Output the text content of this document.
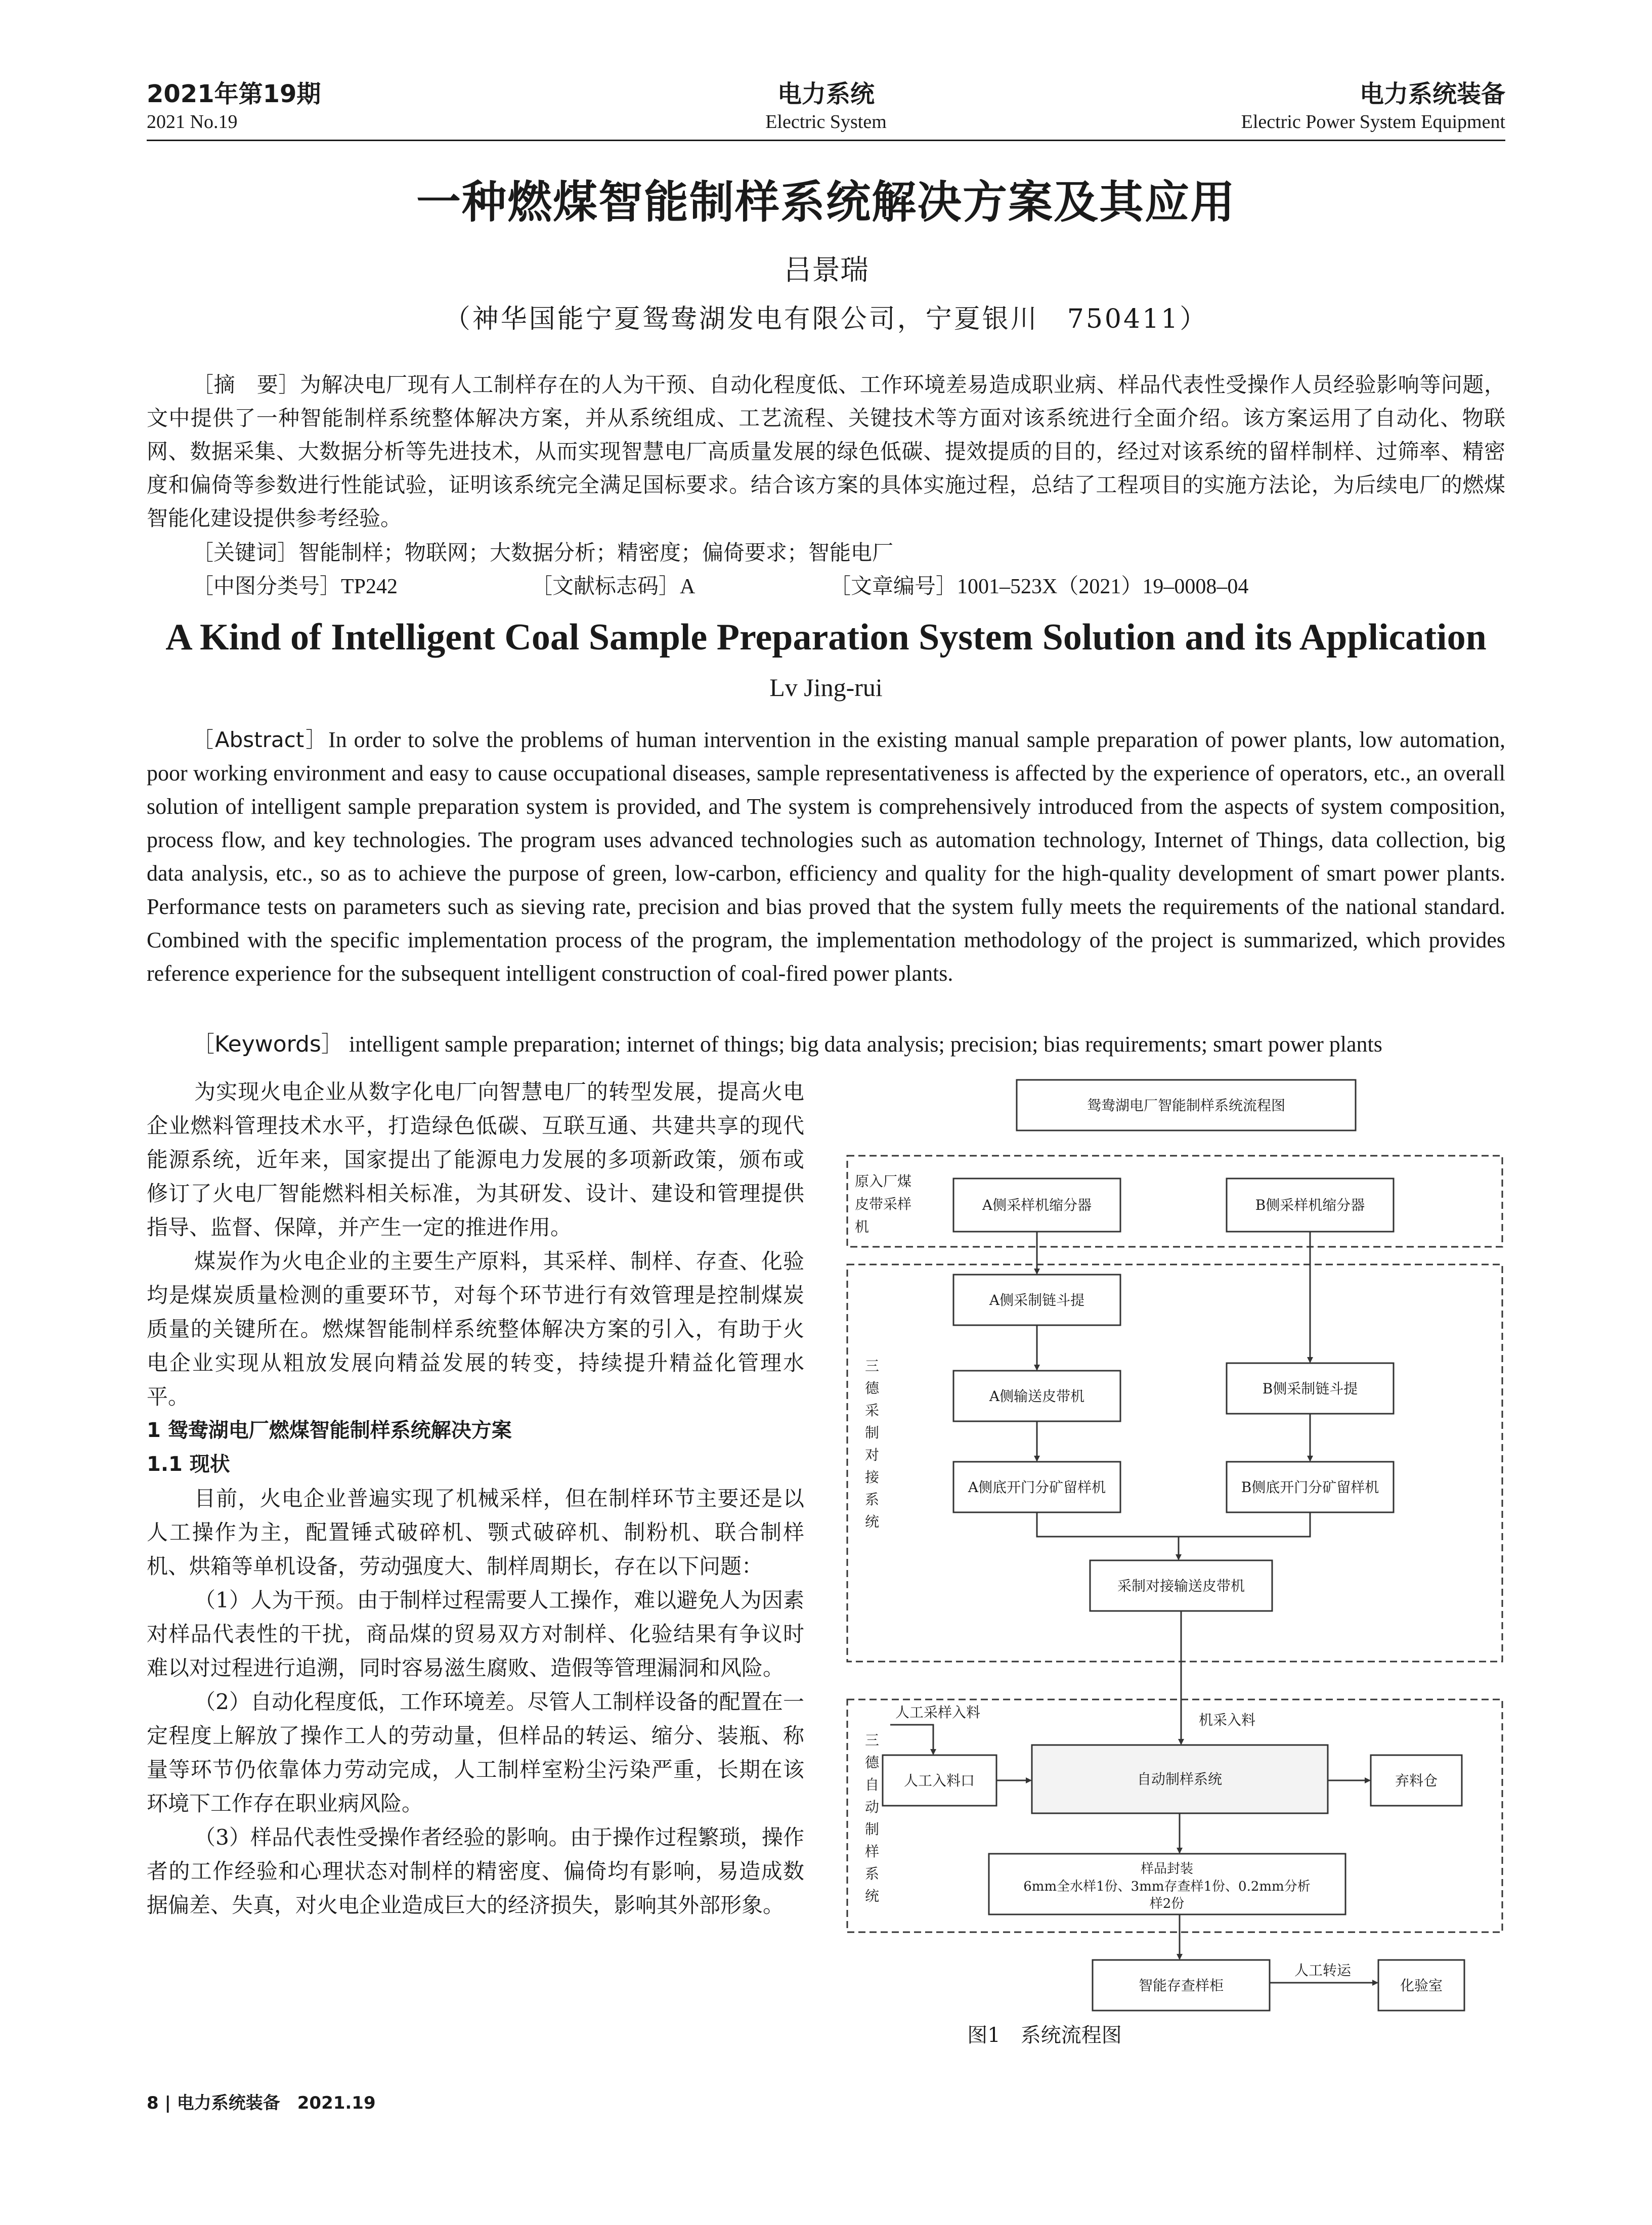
2021年第19期
2021 No.19
电力系统
Electric System
电力系统装备
Electric Power System Equipment
一种燃煤智能制样系统解决方案及其应用
吕景瑞
（神华国能宁夏鸳鸯湖发电有限公司，宁夏银川　750411）
［摘　要］为解决电厂现有人工制样存在的人为干预、自动化程度低、工作环境差易造成职业病、样品代表性受操作人员经验影响等问题，文中提供了一种智能制样系统整体解决方案，并从系统组成、工艺流程、关键技术等方面对该系统进行全面介绍。该方案运用了自动化、物联网、数据采集、大数据分析等先进技术，从而实现智慧电厂高质量发展的绿色低碳、提效提质的目的，经过对该系统的留样制样、过筛率、精密度和偏倚等参数进行性能试验，证明该系统完全满足国标要求。结合该方案的具体实施过程，总结了工程项目的实施方法论，为后续电厂的燃煤智能化建设提供参考经验。
［关键词］智能制样；物联网；大数据分析；精密度；偏倚要求；智能电厂
［中图分类号］TP242	［文献标志码］A	［文章编号］1001–523X（2021）19–0008–04
A Kind of Intelligent Coal Sample Preparation System Solution and its Application
Lv Jing-rui
［Abstract］In order to solve the problems of human intervention in the existing manual sample preparation of power plants, low automation, poor working environment and easy to cause occupational diseases, sample representativeness is affected by the experience of operators, etc., an overall solution of intelligent sample preparation system is provided, and The system is comprehensively introduced from the aspects of system composition, process flow, and key technologies. The program uses advanced technologies such as automation technology, Internet of Things, data collection, big data analysis, etc., so as to achieve the purpose of green, low-carbon, efficiency and quality for the high-quality development of smart power plants. Performance tests on parameters such as sieving rate, precision and bias proved that the system fully meets the requirements of the national standard. Combined with the specific implementation process of the program, the implementation methodology of the project is summarized, which provides reference experience for the subsequent intelligent construction of coal-fired power plants.
［Keywords］ intelligent sample preparation; internet of things; big data analysis; precision; bias requirements; smart power plants

为实现火电企业从数字化电厂向智慧电厂的转型发展，提高火电企业燃料管理技术水平，打造绿色低碳、互联互通、共建共享的现代能源系统，近年来，国家提出了能源电力发展的多项新政策，颁布或修订了火电厂智能燃料相关标准，为其研发、设计、建设和管理提供指导、监督、保障，并产生一定的推进作用。

煤炭作为火电企业的主要生产原料，其采样、制样、存查、化验均是煤炭质量检测的重要环节，对每个环节进行有效管理是控制煤炭质量的关键所在。燃煤智能制样系统整体解决方案的引入，有助于火电企业实现从粗放发展向精益发展的转变，持续提升精益化管理水平。

1 鸳鸯湖电厂燃煤智能制样系统解决方案

1.1 现状

目前，火电企业普遍实现了机械采样，但在制样环节主要还是以人工操作为主，配置锤式破碎机、颚式破碎机、制粉机、联合制样机、烘箱等单机设备，劳动强度大、制样周期长，存在以下问题：

（1）人为干预。由于制样过程需要人工操作，难以避免人为因素对样品代表性的干扰，商品煤的贸易双方对制样、化验结果有争议时难以对过程进行追溯，同时容易滋生腐败、造假等管理漏洞和风险。

（2）自动化程度低，工作环境差。尽管人工制样设备的配置在一定程度上解放了操作工人的劳动量，但样品的转运、缩分、装瓶、称量等环节仍依靠体力劳动完成，人工制样室粉尘污染严重，长期在该环境下工作存在职业病风险。

（3）样品代表性受操作者经验的影响。由于操作过程繁琐，操作者的工作经验和心理状态对制样的精密度、偏倚均有影响，易造成数据偏差、失真，对火电企业造成巨大的经济损失，影响其外部形象。

鸳鸯湖电厂智能制样系统流程图
原入厂煤
皮带采样
机
A侧采样机缩分器	B侧采样机缩分器
三
德
采
制
对
接
系
统
A侧采制链斗提
A侧输送皮带机	B侧采制链斗提
A侧底开门分矿留样机	B侧底开门分矿留样机
采制对接输送皮带机
三
德
自
动
制
样
系
统
机采入料
人工采样入料
人工入料口	自动制样系统	弃料仓
样品封装
6mm全水样1份、3mm存查样1份、0.2mm分析
样2份
智能存查样柜
人工转运
化验室
图1　系统流程图
8 | 电力系统装备　2021.19
